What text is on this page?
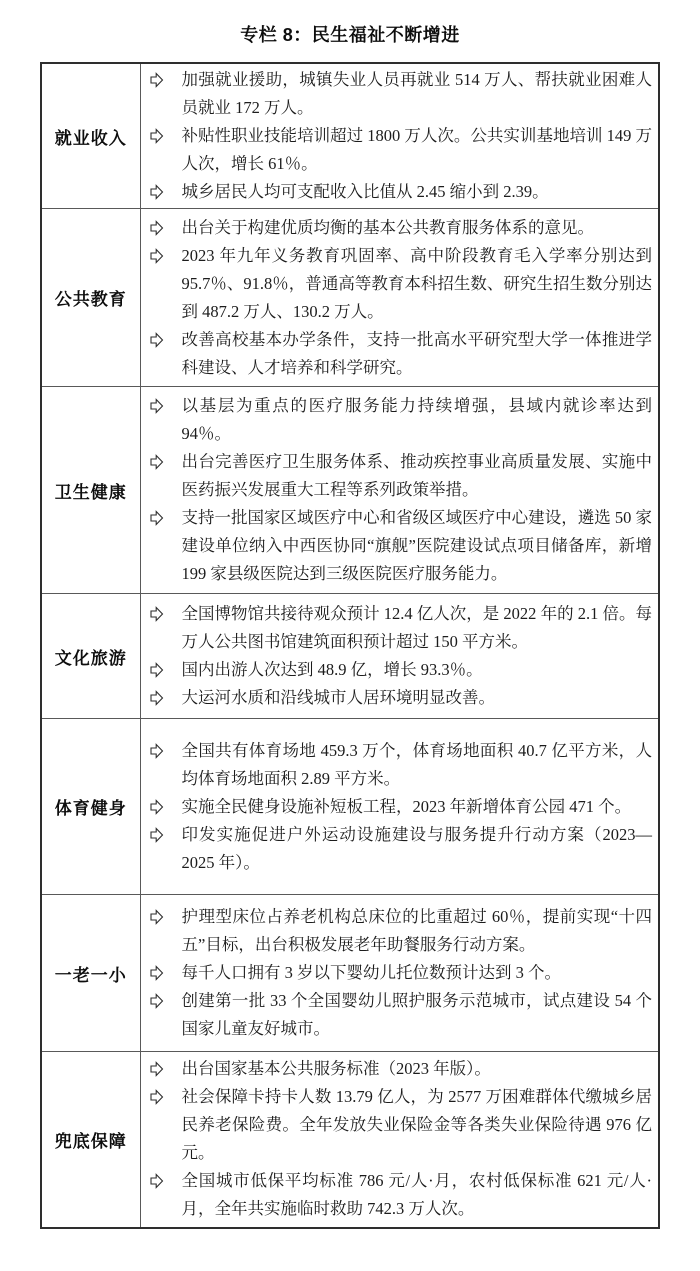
专栏 8：民生福祉不断增进
就业收入	
加强就业援助，城镇失业人员再就业 514 万人、帮扶就业困难人员就业 172 万人。
补贴性职业技能培训超过 1800 万人次。公共实训基地培训 149 万人次，增长 61％。
城乡居民人均可支配收入比值从 2.45 缩小到 2.39。

公共教育	
出台关于构建优质均衡的基本公共教育服务体系的意见。
2023 年九年义务教育巩固率、高中阶段教育毛入学率分别达到 95.7％、91.8％，普通高等教育本科招生数、研究生招生数分别达到 487.2 万人、130.2 万人。
改善高校基本办学条件，支持一批高水平研究型大学一体推进学科建设、人才培养和科学研究。

卫生健康	
以基层为重点的医疗服务能力持续增强，县域内就诊率达到 94％。
出台完善医疗卫生服务体系、推动疾控事业高质量发展、实施中医药振兴发展重大工程等系列政策举措。
支持一批国家区域医疗中心和省级区域医疗中心建设，遴选 50 家建设单位纳入中西医协同“旗舰”医院建设试点项目储备库，新增 199 家县级医院达到三级医院医疗服务能力。

文化旅游	
全国博物馆共接待观众预计 12.4 亿人次，是 2022 年的 2.1 倍。每万人公共图书馆建筑面积预计超过 150 平方米。
国内出游人次达到 48.9 亿，增长 93.3％。
大运河水质和沿线城市人居环境明显改善。

体育健身	
全国共有体育场地 459.3 万个，体育场地面积 40.7 亿平方米，人均体育场地面积 2.89 平方米。
实施全民健身设施补短板工程，2023 年新增体育公园 471 个。
印发实施促进户外运动设施建设与服务提升行动方案（2023—2025 年）。

一老一小	
护理型床位占养老机构总床位的比重超过 60％，提前实现“十四五”目标，出台积极发展老年助餐服务行动方案。
每千人口拥有 3 岁以下婴幼儿托位数预计达到 3 个。
创建第一批 33 个全国婴幼儿照护服务示范城市，试点建设 54 个国家儿童友好城市。

兜底保障	
出台国家基本公共服务标准（2023 年版）。
社会保障卡持卡人数 13.79 亿人，为 2577 万困难群体代缴城乡居民养老保险费。全年发放失业保险金等各类失业保险待遇 976 亿元。
全国城市低保平均标准 786 元/人·月，农村低保标准 621 元/人·月，全年共实施临时救助 742.3 万人次。
